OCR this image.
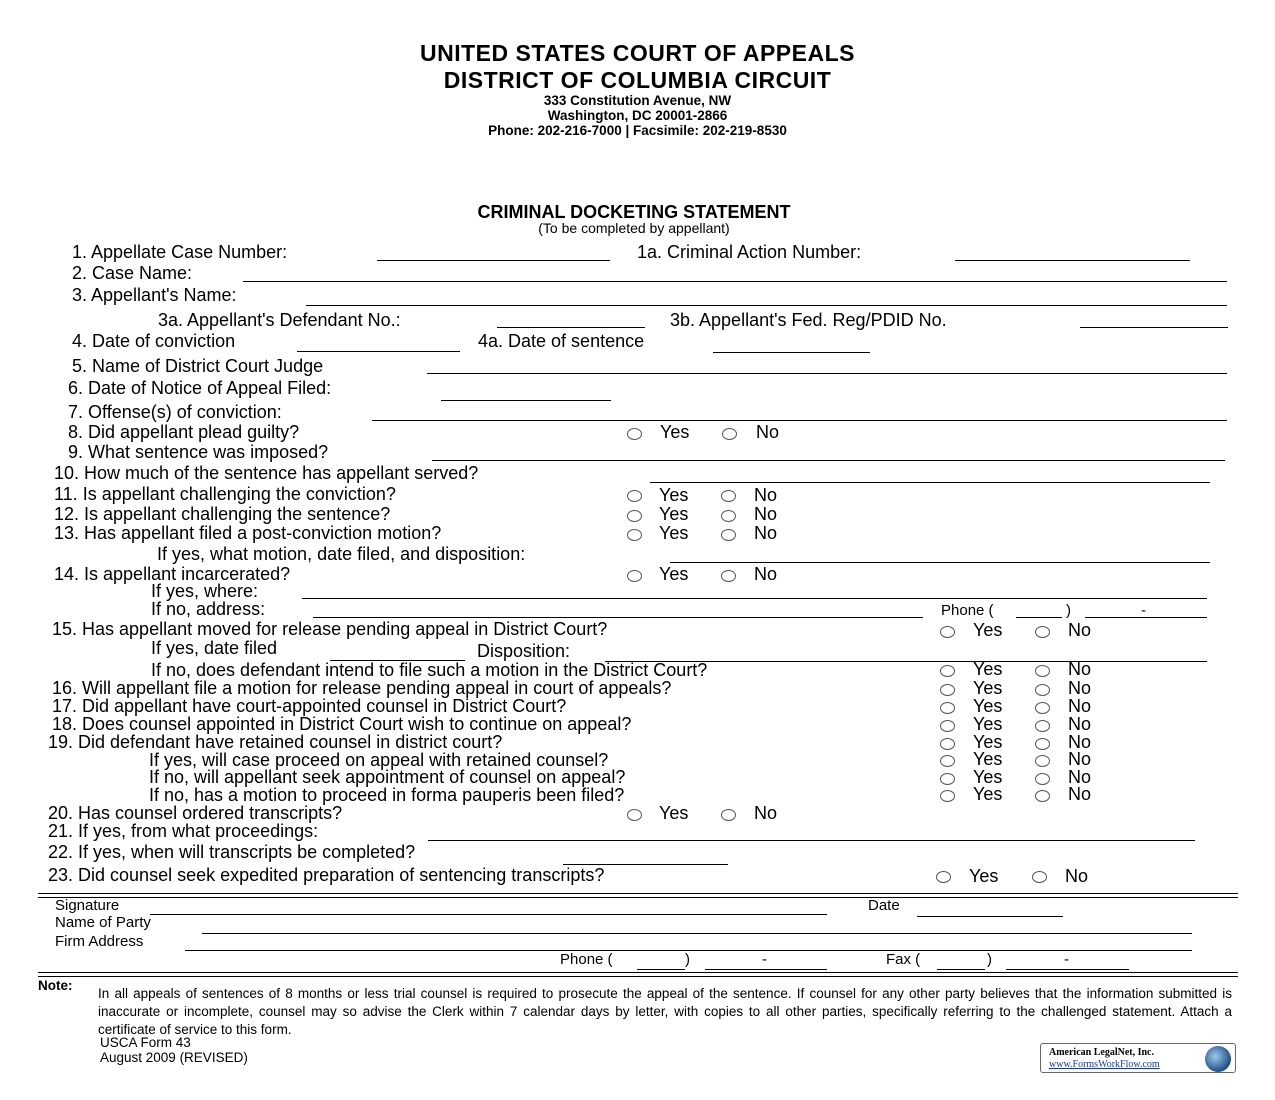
UNITED STATES COURT OF APPEALS
DISTRICT OF COLUMBIA CIRCUIT
333 Constitution Avenue, NW
Washington, DC 20001-2866
Phone: 202-216-7000 | Facsimile: 202-219-8530
CRIMINAL DOCKETING STATEMENT
(To be completed by appellant)
1. Appellate Case Number:	1a. Criminal Action Number:
2. Case Name:
3. Appellant's Name:
3a. Appellant's Defendant No.:	3b. Appellant's Fed. Reg/PDID No.
4. Date of conviction	4a. Date of sentence
5. Name of District Court Judge
6. Date of Notice of Appeal Filed:
7. Offense(s) of conviction:
8. Did appellant plead guilty?	Yes	No
9. What sentence was imposed?
10. How much of the sentence has appellant served?
11. Is appellant challenging the conviction?	Yes	No
12. Is appellant challenging the sentence?	Yes	No
13. Has appellant filed a post-conviction motion?	Yes	No
If yes, what motion, date filed, and disposition:
14. Is appellant incarcerated?	Yes	No
If yes, where:
If no, address:	Phone (	)	-
15. Has appellant moved for release pending appeal in District Court?	Yes	No
If yes, date filed	Disposition:
If no, does defendant intend to file such a motion in the District Court?	Yes	No
16. Will appellant file a motion for release pending appeal in court of appeals?	Yes	No
17. Did appellant have court-appointed counsel in District Court?	Yes	No
18. Does counsel appointed in District Court wish to continue on appeal?	Yes	No
19. Did defendant have retained counsel in district court?	Yes	No
If yes, will case proceed on appeal with retained counsel?	Yes	No
If no, will appellant seek appointment of counsel on appeal?	Yes	No
If no, has a motion to proceed in forma pauperis been filed?	Yes	No
20. Has counsel ordered transcripts?	Yes	No
21. If yes, from what proceedings:
22. If yes, when will transcripts be completed?
23. Did counsel seek expedited preparation of sentencing transcripts?	Yes	No
Signature	Date
Name of Party
Firm Address
Phone (	)	-	Fax (	)	-
Note:
In all appeals of sentences of 8 months or less trial counsel is required to prosecute the appeal of the sentence. If counsel for any other party believes that the information submitted is inaccurate or incomplete, counsel may so advise the Clerk within 7 calendar days by letter, with copies to all other parties, specifically referring to the challenged statement. Attach a certificate of service to this form.
USCA Form 43
August 2009 (REVISED)	American LegalNet, Inc.
www.FormsWorkFlow.com
